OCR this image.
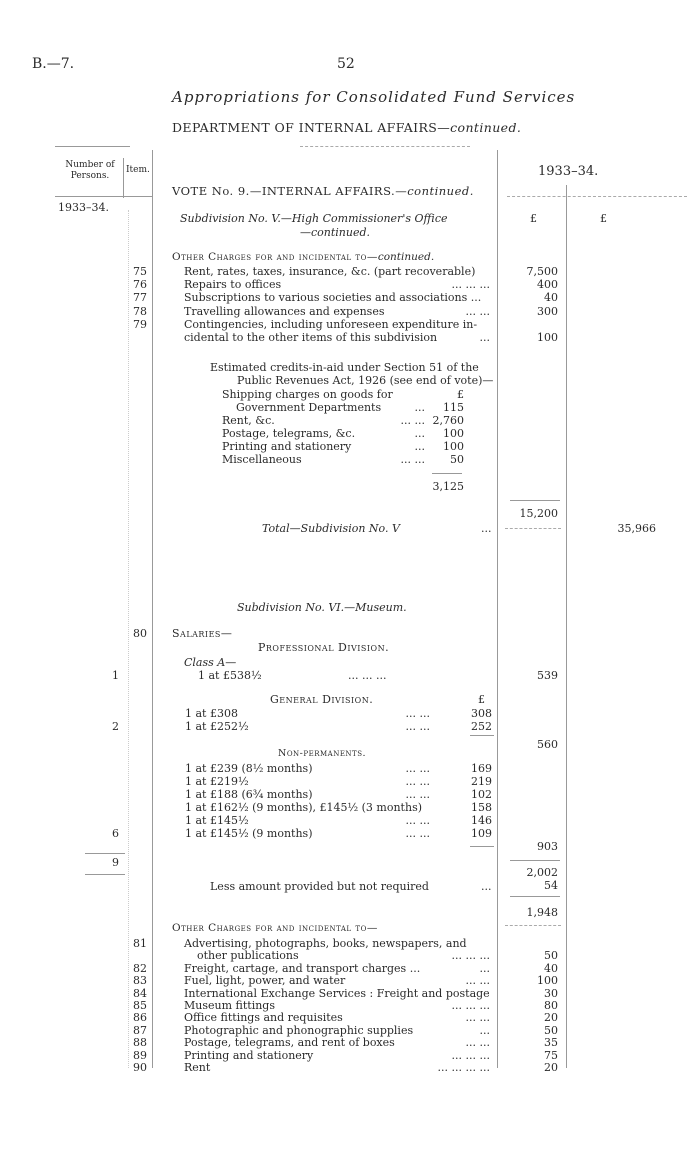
B.—7.	52
Appropriations for Consolidated Fund Services
DEPARTMENT OF INTERNAL AFFAIRS—continued.
Number of Persons.
Item.	1933–34.
VOTE No. 9.—INTERNAL AFFAIRS.—continued.
1933–34.
£	£
Subdivision No. V.—High Commissioner's Office
—continued.
Other Charges for and incidental to—continued.
75	Rent, rates, taxes, insurance, &c. (part recoverable)	7,500
76	Repairs to offices	... ... ...	400
77	Subscriptions to various societies and associations ...	40
78	Travelling allowances and expenses	... ...	300
79	Contingencies, including unforeseen expenditure in-
cidental to the other items of this subdivision	...	100
Estimated credits-in-aid under Section 51 of the
Public Revenues Act, 1926 (see end of vote)—
Shipping charges on goods for	£
Government Departments	...	115
Rent, &c.	... ... 2,760
Postage, telegrams, &c.	...	100
Printing and stationery	...	100
Miscellaneous	... ...	50
3,125
15,200
Total—Subdivision No. V	...	35,966
Subdivision No. VI.—Museum.
80 Salaries—
Professional Division.
Class A—
1	1 at £538½	... ... ...	539
General Division.	£
1 at £308	... ...	308
2	1 at £252½	... ...	252
560
Non-permanents.
1 at £239 (8½ months)	... ...	169
1 at £219½	... ...	219
1 at £188 (6¾ months)	... ...	102
1 at £162½ (9 months), £145½ (3 months)	158
1 at £145½	... ...	146
6	1 at £145½ (9 months)	... ...	109
903
9
2,002
Less amount provided but not required	...	54
1,948
Other Charges for and incidental to—
81	Advertising, photographs, books, newspapers, and
other publications	... ... ...	50
82	Freight, cartage, and transport charges ...	...	40
83	Fuel, light, power, and water	... ...	100
84	International Exchange Services : Freight and postage	30
85	Museum fittings	... ... ...	80
86	Office fittings and requisites	... ...	20
87	Photographic and phonographic supplies	...	50
88	Postage, telegrams, and rent of boxes	... ...	35
89	Printing and stationery	... ... ...	75
90	Rent	... ... ... ...	20
